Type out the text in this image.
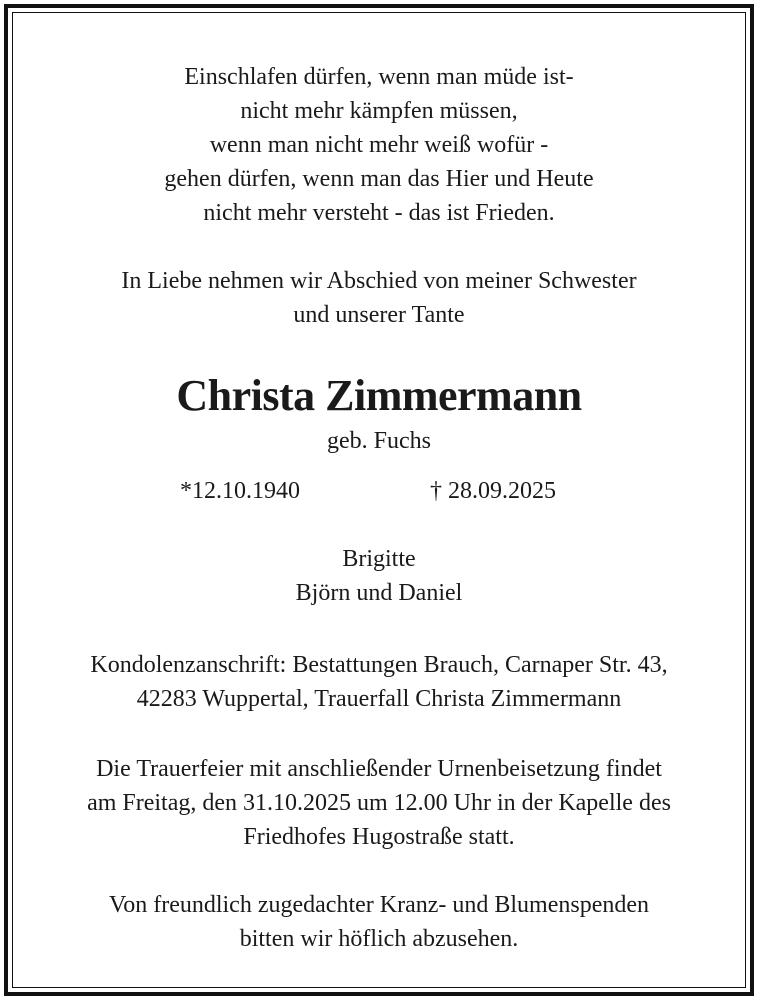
Einschlafen dürfen, wenn man müde ist-
nicht mehr kämpfen müssen,
wenn man nicht mehr weiß wofür -
gehen dürfen, wenn man das Hier und Heute
nicht mehr versteht - das ist Frieden.
In Liebe nehmen wir Abschied von meiner Schwester
und unserer Tante
Christa Zimmermann
geb. Fuchs
*12.10.1940	† 28.09.2025
Brigitte
Björn und Daniel
Kondolenzanschrift: Bestattungen Brauch, Carnaper Str. 43,
42283 Wuppertal, Trauerfall Christa Zimmermann
Die Trauerfeier mit anschließender Urnenbeisetzung findet
am Freitag, den 31.10.2025 um 12.00 Uhr in der Kapelle des
Friedhofes Hugostraße statt.
Von freundlich zugedachter Kranz- und Blumenspenden
bitten wir höflich abzusehen.
